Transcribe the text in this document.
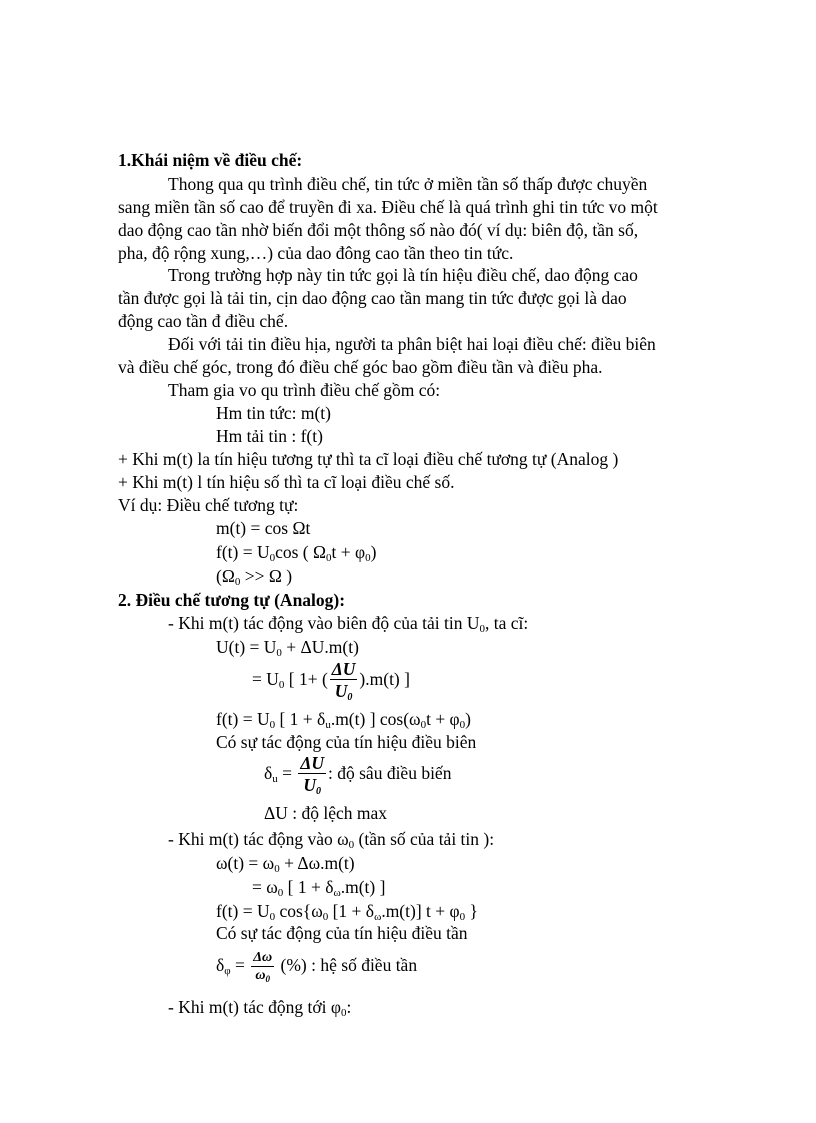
1.Khái niệm về điều chế:
Thong qua qu trình điều chế, tin tức ở miền tần số thấp được chuyền
sang miền tần số cao để truyền đi xa. Điều chế là quá trình ghi tin tức vo một
dao động cao tần nhờ biến đổi một thông số nào đó( ví dụ: biên độ, tần số,
pha, độ rộng xung,…) của dao đông cao tần theo tin tức.
Trong trường hợp này tin tức gọi là tín hiệu điều chế, dao động cao
tần được gọi là tải tin, cịn dao động cao tần mang tin tức được gọi là dao
động cao tần đ điều chế.
Đối với tải tin điều hịa, người ta phân biệt hai loại điều chế: điều biên
và điều chế góc, trong đó điều chế góc bao gồm điều tần và điều pha.
Tham gia vo qu trình điều chế gồm có:
Hm tin tức: m(t)
Hm tải tin : f(t)
+ Khi m(t) la tín hiệu tương tự thì ta cĩ loại điều chế tương tự (Analog )
+ Khi m(t) l tín hiệu số thì ta cĩ loại điều chế số.
Ví dụ: Điều chế tương tự:
m(t) = cos Ωt
$f(t) = U_0\cos$ ( $\Omega_0t + \varphi_0$)
($\Omega_0 >> \Omega$ )
2. Điều chế tương tự (Analog):
- Khi m(t) tác động vào biên độ của tải tin $U_0$, ta cĩ:
$U(t) = U_0 + \Delta U.m(t)$
= $U_0$ [ 1+ ( $\frac{\Delta U}{U_0} ).m(t)$ ]
$f(t) = U_0$ [ $1 + \delta_u.m(t)$ ] $\cos(\omega_0t + \varphi_0)$
Có sự tác động của tín hiệu điều biên
$\delta_u = \frac{\Delta U}{U_0}$ : độ sâu điều biến
ΔU : độ lệch max
- Khi m(t) tác động vào $\omega_0$ (tần số của tải tin ):
$\omega(t) = \omega_0 + \Delta\omega.m(t)$
= $\omega_0$ [ $1 + \delta_\omega.m(t)$ ]
$f(t) = U_0$ $\cos\{\omega_0$ $[1 + \delta_\omega.m(t)]$ $t + \varphi_0$ }
Có sự tác động của tín hiệu điều tần
$\delta_\varphi = \frac{\Delta\omega}{\omega_0}$ (%) : hệ số điều tần
- Khi m(t) tác động tới $\varphi_0$:
